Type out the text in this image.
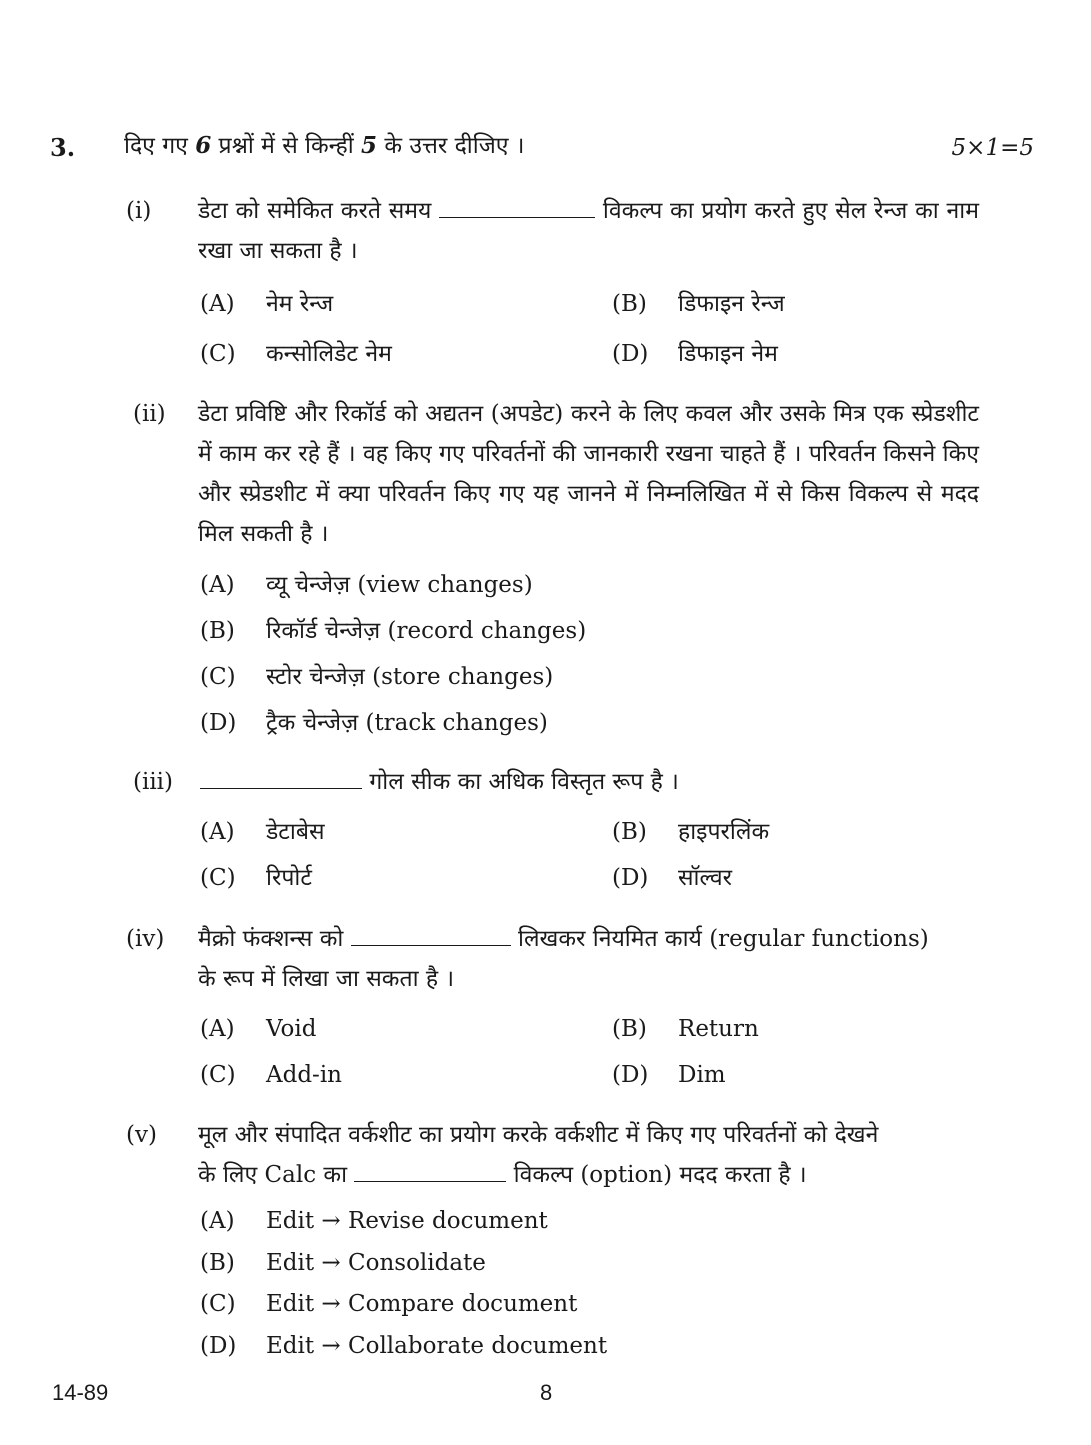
3. दिए गए 6 प्रश्नों में से किन्हीं 5 के उत्तर दीजिए ।	5×1=5
(i) डेटा को समेकित करते समय	विकल्प का प्रयोग करते हुए सेल रेन्ज का नाम रखा जा सकता है ।
(A) नेम रेन्ज	(B) डिफाइन रेन्ज
(C) कन्सोलिडेट नेम	(D) डिफाइन नेम
(ii) डेटा प्रविष्टि और रिकॉर्ड को अद्यतन (अपडेट) करने के लिए कवल और उसके मित्र एक स्प्रेडशीट में काम कर रहे हैं । वह किए गए परिवर्तनों की जानकारी रखना चाहते हैं । परिवर्तन किसने किए और स्प्रेडशीट में क्या परिवर्तन किए गए यह जानने में निम्नलिखित में से किस विकल्प से मदद मिल सकती है ।
(A) व्यू चेन्जेज़ (view changes)
(B) रिकॉर्ड चेन्जेज़ (record changes)
(C) स्टोर चेन्जेज़ (store changes)
(D) ट्रैक चेन्जेज़ (track changes)
(iii)	गोल सीक का अधिक विस्तृत रूप है ।
(A) डेटाबेस	(B) हाइपरलिंक
(C) रिपोर्ट	(D) सॉल्वर
(iv) मैक्रो फंक्शन्स को	लिखकर नियमित कार्य (regular functions)
के रूप में लिखा जा सकता है ।
(A) Void	(B) Return
(C) Add-in	(D) Dim
(v) मूल और संपादित वर्कशीट का प्रयोग करके वर्कशीट में किए गए परिवर्तनों को देखने
के लिए Calc का	विकल्प (option) मदद करता है ।
(A) Edit → Revise document
(B) Edit → Consolidate
(C) Edit → Compare document
(D) Edit → Collaborate document
14-89	8
